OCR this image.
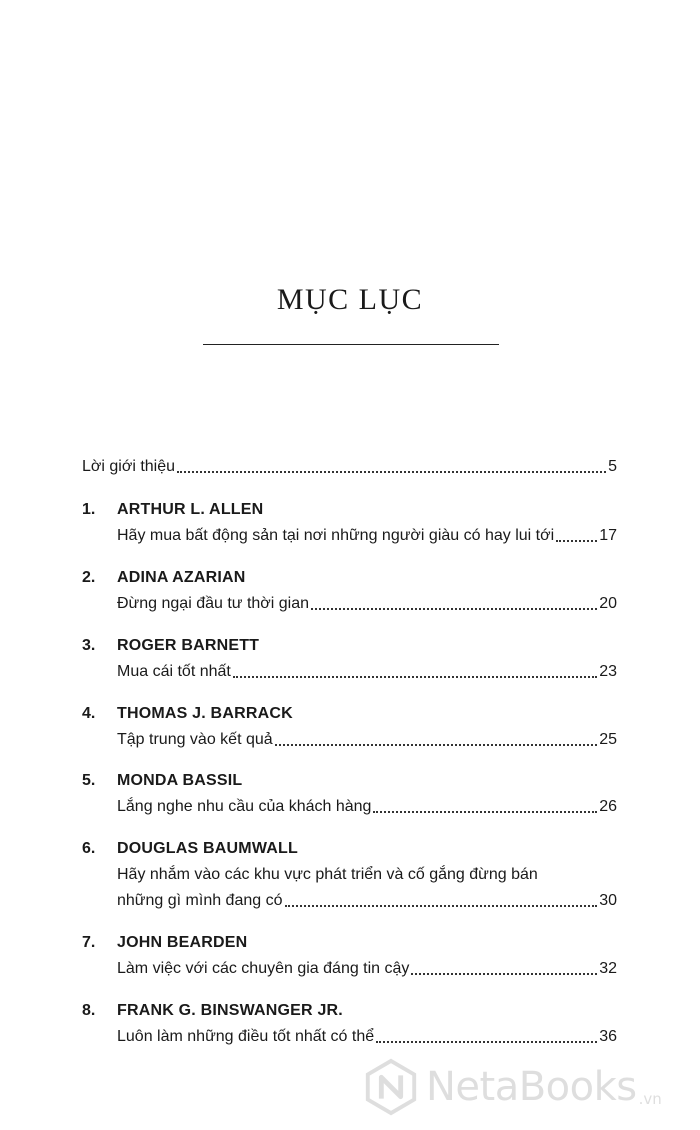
MỤC LỤC
Lời giới thiệu	5
1. ARTHUR L. ALLEN
Hãy mua bất động sản tại nơi những người giàu có hay lui tới	17
2. ADINA AZARIAN
Đừng ngại đầu tư thời gian	20
3. ROGER BARNETT
Mua cái tốt nhất	23
4. THOMAS J. BARRACK
Tập trung vào kết quả	25
5. MONDA BASSIL
Lắng nghe nhu cầu của khách hàng	26
6. DOUGLAS BAUMWALL
Hãy nhắm vào các khu vực phát triển và cố gắng đừng bán
những gì mình đang có	30
7. JOHN BEARDEN
Làm việc với các chuyên gia đáng tin cậy	32
8. FRANK G. BINSWANGER JR.
Luôn làm những điều tốt nhất có thể	36
NetaBooks .vn
